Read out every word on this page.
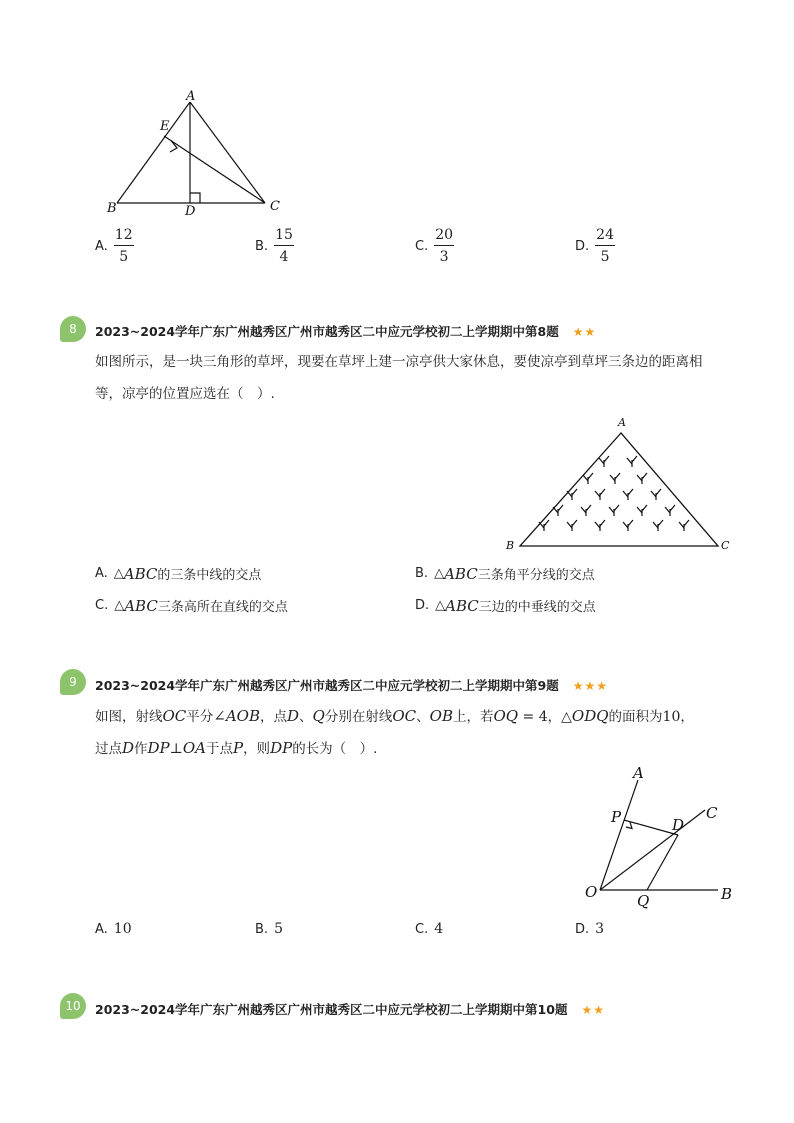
A
E
B	D	C
A. $\frac{12}{5}$	B. $\frac{15}{4}$	C. $\frac{20}{3}$	D. $\frac{24}{5}$
8	2023~2024学年广东广州越秀区广州市越秀区二中应元学校初二上学期期中第8题 ★★
如图所示，是一块三角形的草坪，现要在草坪上建一凉亭供大家休息，要使凉亭到草坪三条边的距离相
等，凉亭的位置应选在（　）.
A
B	C
A. △ ABC 的三条中线的交点	B. △ ABC 三条角平分线的交点
C. △ ABC 三条高所在直线的交点	D. △ ABC 三边的中垂线的交点
9	2023~2024学年广东广州越秀区广州市越秀区二中应元学校初二上学期期中第9题 ★★★
如图，射线OC平分∠AOB，点D、Q分别在射线OC、OB上，若OQ = 4，△ODQ的面积为10，
过点D作DP⊥OA于点P，则DP的长为（　）.
A
C
P	D
O	Q	B
A. 10	B. 5	C. 4	D. 3
10	2023~2024学年广东广州越秀区广州市越秀区二中应元学校初二上学期期中第10题 ★★
